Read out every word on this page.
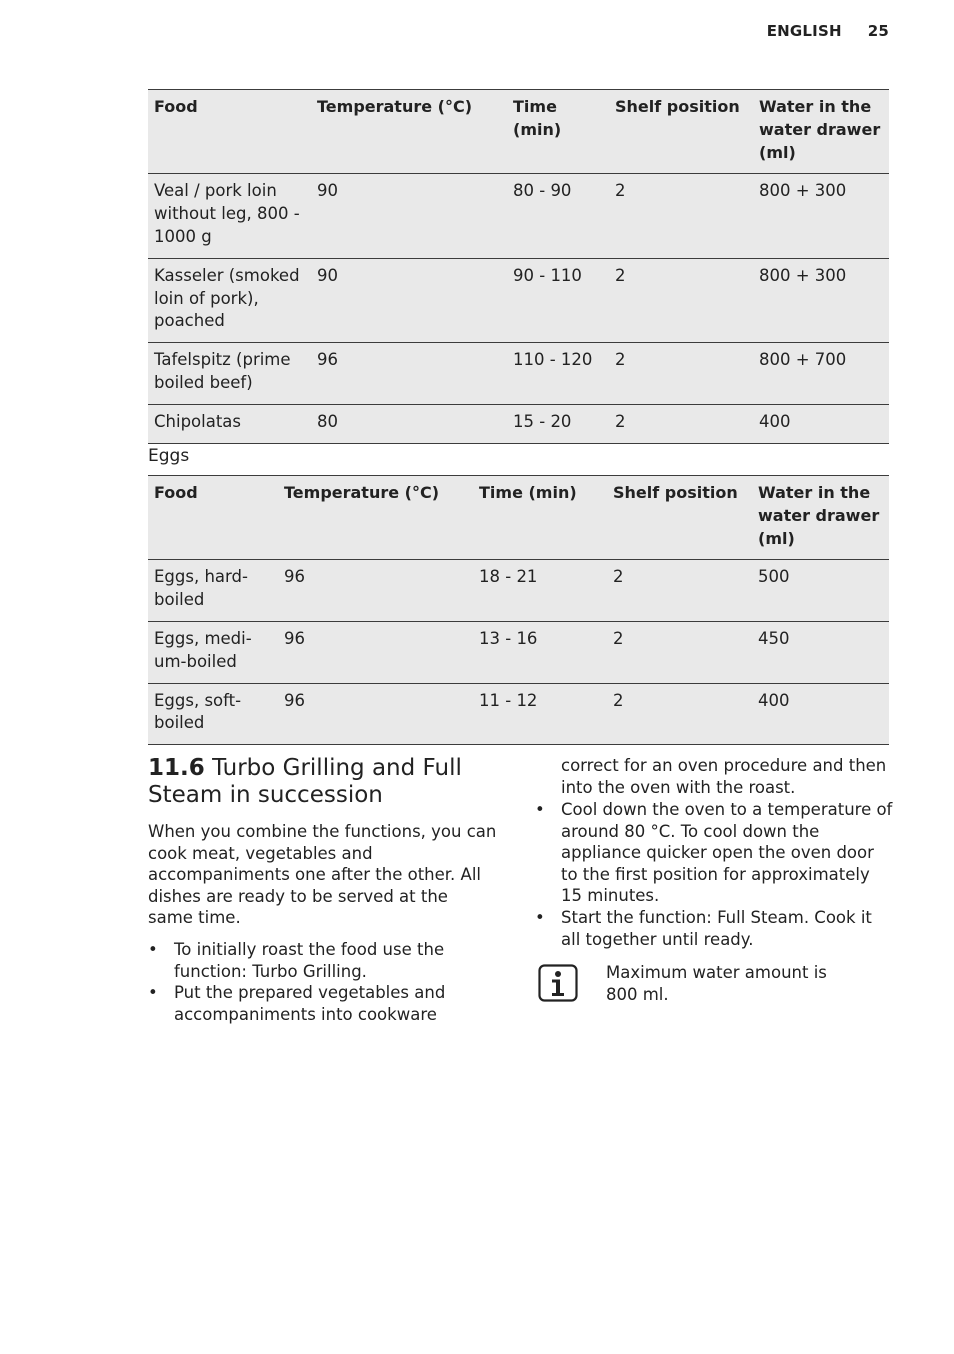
ENGLISH 25
Food	Temperature (°C)	Time (min)	Shelf position	Water in the water drawer (ml)
Veal / pork loin without leg, 800 - 1000 g	90	80 - 90	2	800 + 300
Kasseler (smoked loin of pork), poached	90	90 - 110	2	800 + 300
Tafelspitz (prime boiled beef)	96	110 - 120	2	800 + 700
Chipolatas	80	15 - 20	2	400
Eggs
Food	Temperature (°C)	Time (min)	Shelf position	Water in the water drawer (ml)
Eggs, hard-boiled	96	18 - 21	2	500
Eggs, medi-um-boiled	96	13 - 16	2	450
Eggs, soft-boiled	96	11 - 12	2	400
11.6 Turbo Grilling and Full Steam in succession

When you combine the functions, you can cook meat, vegetables and accompaniments one after the other. All dishes are ready to be served at the same time.

• To initially roast the food use the function: Turbo Grilling.
• Put the prepared vegetables and accompaniments into cookware

correct for an oven procedure and then into the oven with the roast.

• Cool down the oven to a temperature of around 80 °C. To cool down the appliance quicker open the oven door to the first position for approximately 15 minutes.
• Start the function: Full Steam. Cook it all together until ready.
Maximum water amount is 800 ml.
